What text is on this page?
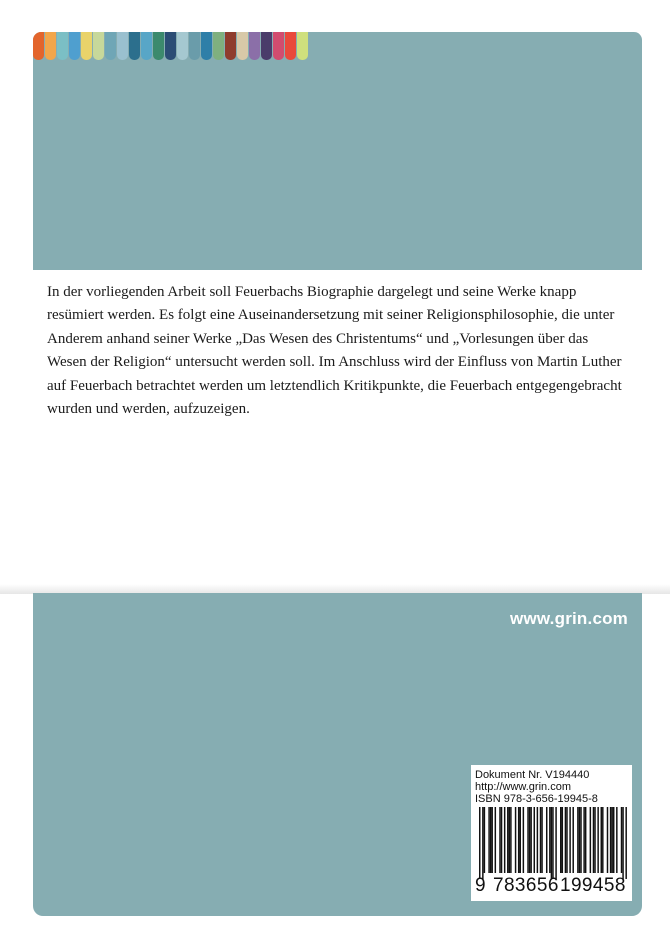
In der vorliegenden Arbeit soll Feuerbachs Biographie dargelegt und seine Werke knapp resümiert werden. Es folgt eine Auseinandersetzung mit seiner Religionsphilosophie, die unter Anderem anhand seiner Werke „Das Wesen des Christentums“ und „Vorlesungen über das Wesen der Religion“ untersucht werden soll. Im Anschluss wird der Einfluss von Martin Luther auf Feuerbach betrachtet werden um letztendlich Kritikpunkte, die Feuerbach entgegengebracht wurden und werden, aufzuzeigen.

www.grin.com
Dokument Nr. V194440
http://www.grin.com
ISBN 978-3-656-19945-8
9 783656 199458
